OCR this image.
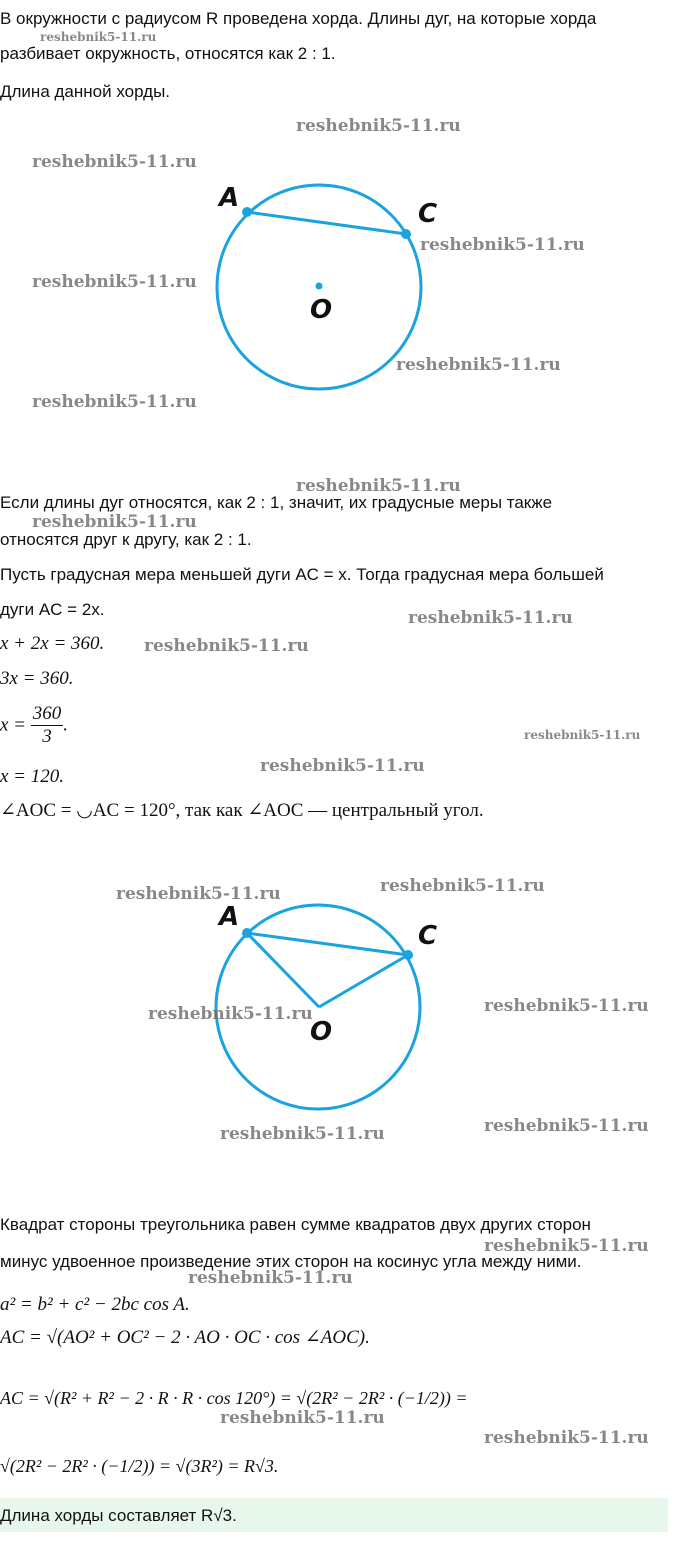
В окружности с радиусом R проведена хорда. Длины дуг, на которые хорда
разбивает окружность, относятся как 2 : 1.
Длина данной хорды.
A
C
O
Если длины дуг относятся, как 2 : 1, значит, их градусные меры также
относятся друг к другу, как 2 : 1.
Пусть градусная мера меньшей дуги AC = x. Тогда градусная мера большей
дуги AC = 2x.
x + 2x = 360.
3x = 360.
$x = \frac{360}{3}$ .
x = 120.
∠AOC = ◡AC = 120°, так как ∠AOC — центральный угол.
A
C
O
Квадрат стороны треугольника равен сумме квадратов двух других сторон
минус удвоенное произведение этих сторон на косинус угла между ними.
a² = b² + c² − 2bc cos A.
AC = √(AO² + OC² − 2 · AO · OC · cos ∠AOC).
AC = √(R² + R² − 2 · R · R · cos 120°) = √(2R² − 2R² · (−1/2)) =
√(2R² − 2R² · (−1/2)) = √(3R²) = R√3.
Длина хорды составляет R√3.
reshebnik5-11.ru
reshebnik5-11.ru
reshebnik5-11.ru
reshebnik5-11.ru
reshebnik5-11.ru
reshebnik5-11.ru
reshebnik5-11.ru
reshebnik5-11.ru
reshebnik5-11.ru
reshebnik5-11.ru
reshebnik5-11.ru
reshebnik5-11.ru
reshebnik5-11.ru
reshebnik5-11.ru
reshebnik5-11.ru
reshebnik5-11.ru
reshebnik5-11.ru
reshebnik5-11.ru
reshebnik5-11.ru
reshebnik5-11.ru
reshebnik5-11.ru
reshebnik5-11.ru
reshebnik5-11.ru
